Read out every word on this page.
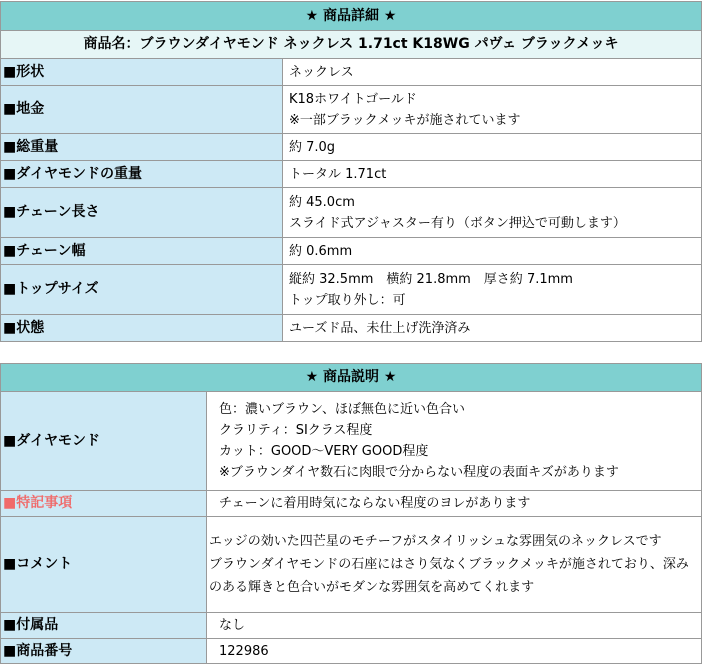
★ 商品詳細 ★	
商品名：ブラウンダイヤモンド ネックレス 1.71ct K18WG パヴェ ブラックメッキ	
■形状	ネックレス

■地金	K18ホワイトゴールド
※一部ブラックメッキが施されています

■総重量	約 7.0g

■ダイヤモンドの重量	トータル 1.71ct

■チェーン長さ	約 45.0cm
スライド式アジャスター有り（ボタン押込で可動します）

■チェーン幅	約 0.6mm

■トップサイズ	縦約 32.5mm　横約 21.8mm　厚さ約 7.1mm
トップ取り外し：可

■状態	ユーズド品、未仕上げ洗浄済み
★ 商品説明 ★	
■ダイヤモンド	色：濃いブラウン、ほぼ無色に近い色合い
クラリティ：SIクラス程度
カット：GOOD〜VERY GOOD程度
※ブラウンダイヤ数石に肉眼で分からない程度の表面キズがあります

■特記事項	チェーンに着用時気にならない程度のヨレがあります

■コメント	エッジの効いた四芒星のモチーフがスタイリッシュな雰囲気のネックレスです
ブラウンダイヤモンドの石座にはさり気なくブラックメッキが施されており、深みのある輝きと色合いがモダンな雰囲気を高めてくれます

■付属品	なし

■商品番号	122986
